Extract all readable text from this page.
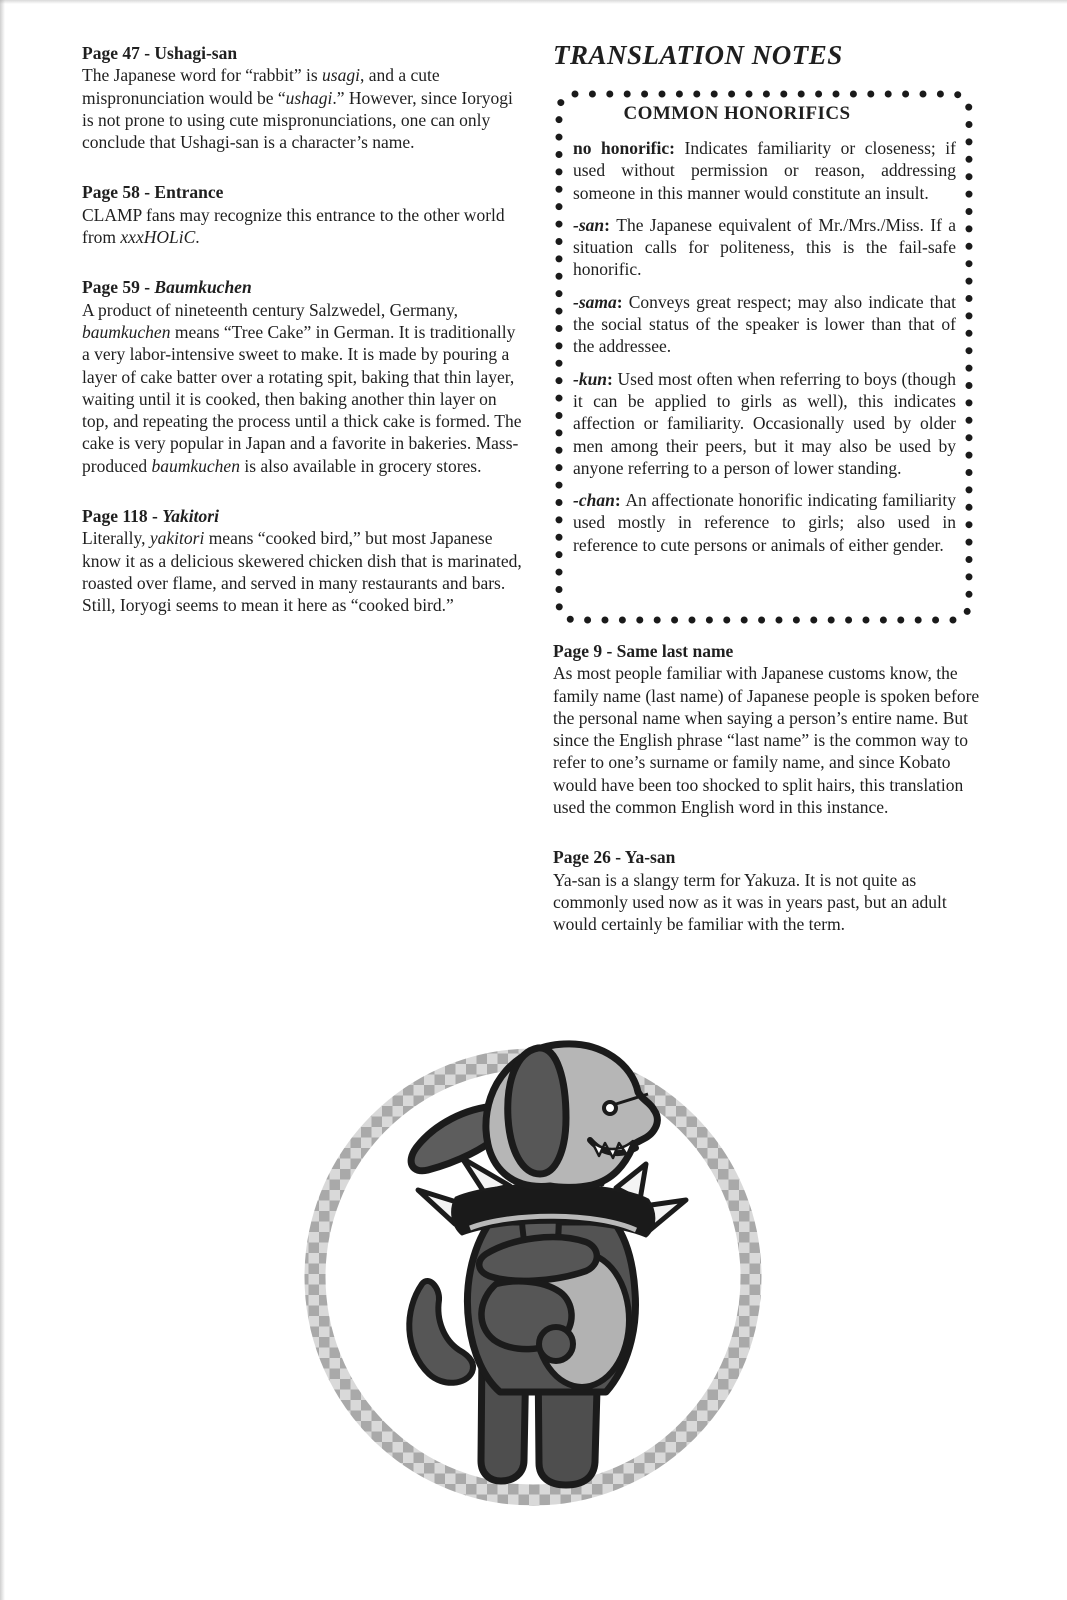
Page 47 - Ushagi-san

The Japanese word for “rabbit” is usagi, and a cute mispronunciation would be “ushagi.” However, since Ioryogi is not prone to using cute mispronunciations, one can only conclude that Ushagi-san is a character’s name.

Page 58 - Entrance

CLAMP fans may recognize this entrance to the other world from xxxHOLiC.

Page 59 - Baumkuchen

A product of nineteenth century Salzwedel, Germany, baumkuchen means “Tree Cake” in German. It is traditionally a very labor-intensive sweet to make. It is made by pouring a layer of cake batter over a rotating spit, baking that thin layer, waiting until it is cooked, then baking another thin layer on top, and repeating the process until a thick cake is formed. The cake is very popular in Japan and a favorite in bakeries. Mass-produced baumkuchen is also available in grocery stores.

Page 118 - Yakitori

Literally, yakitori means “cooked bird,” but most Japanese know it as a delicious skewered chicken dish that is marinated, roasted over flame, and served in many restaurants and bars. Still, Ioryogi seems to mean it here as “cooked bird.”

TRANSLATION NOTES
COMMON HONORIFICS

no honorific: Indicates familiarity or closeness; if used without permission or reason, addressing someone in this manner would constitute an insult.

-san: The Japanese equivalent of Mr./Mrs./Miss. If a situation calls for politeness, this is the fail-safe honorific.

-sama: Conveys great respect; may also indicate that the social status of the speaker is lower than that of the addressee.

-kun: Used most often when referring to boys (though it can be applied to girls as well), this indicates affection or familiarity. Occasionally used by older men among their peers, but it may also be used by anyone referring to a person of lower standing.

-chan: An affectionate honorific indicating familiarity used mostly in reference to girls; also used in reference to cute persons or animals of either gender.

Page 9 - Same last name

As most people familiar with Japanese customs know, the family name (last name) of Japanese people is spoken before the personal name when saying a person’s entire name. But since the English phrase “last name” is the common way to refer to one’s surname or family name, and since Kobato would have been too shocked to split hairs, this translation used the common English word in this instance.

Page 26 - Ya-san

Ya-san is a slangy term for Yakuza. It is not quite as commonly used now as it was in years past, but an adult would certainly be familiar with the term.
